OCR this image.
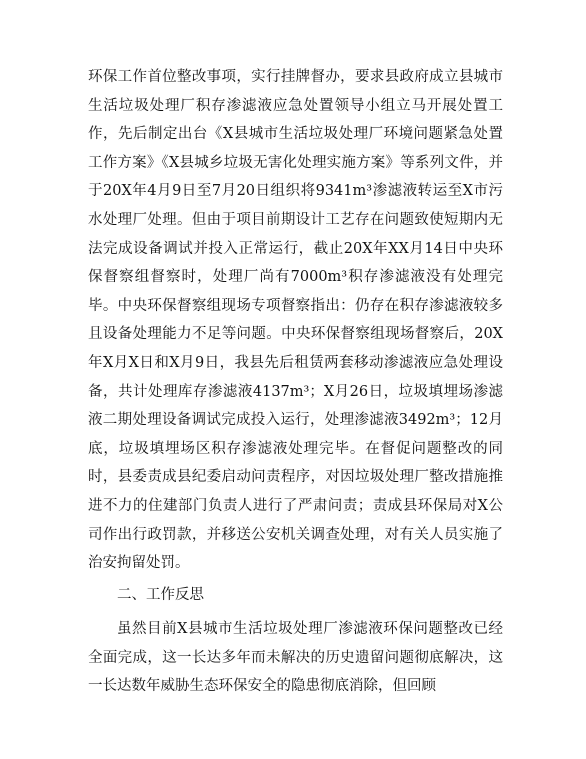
环保工作首位整改事项，实行挂牌督办，要求县政府成立县城市生活垃圾处理厂积存渗滤液应急处置领导小组立马开展处置工作，先后制定出台《X县城市生活垃圾处理厂环境问题紧急处置工作方案》《X县城乡垃圾无害化处理实施方案》等系列文件，并于20X年4月9日至7月20日组织将9341m³渗滤液转运至X市污水处理厂处理。但由于项目前期设计工艺存在问题致使短期内无法完成设备调试并投入正常运行，截止20X年XX月14日中央环保督察组督察时，处理厂尚有7000m³积存渗滤液没有处理完毕。中央环保督察组现场专项督察指出：仍存在积存渗滤液较多且设备处理能力不足等问题。中央环保督察组现场督察后，20X年X月X日和X月9日，我县先后租赁两套移动渗滤液应急处理设备，共计处理库存渗滤液4137m³；X月26日，垃圾填埋场渗滤液二期处理设备调试完成投入运行，处理渗滤液3492m³；12月底，垃圾填埋场区积存渗滤液处理完毕。在督促问题整改的同时，县委责成县纪委启动问责程序，对因垃圾处理厂整改措施推进不力的住建部门负责人进行了严肃问责；责成县环保局对X公司作出行政罚款，并移送公安机关调查处理，对有关人员实施了治安拘留处罚。

二、工作反思

虽然目前X县城市生活垃圾处理厂渗滤液环保问题整改已经全面完成，这一长达多年而未解决的历史遗留问题彻底解决，这一长达数年威胁生态环保安全的隐患彻底消除，但回顾
